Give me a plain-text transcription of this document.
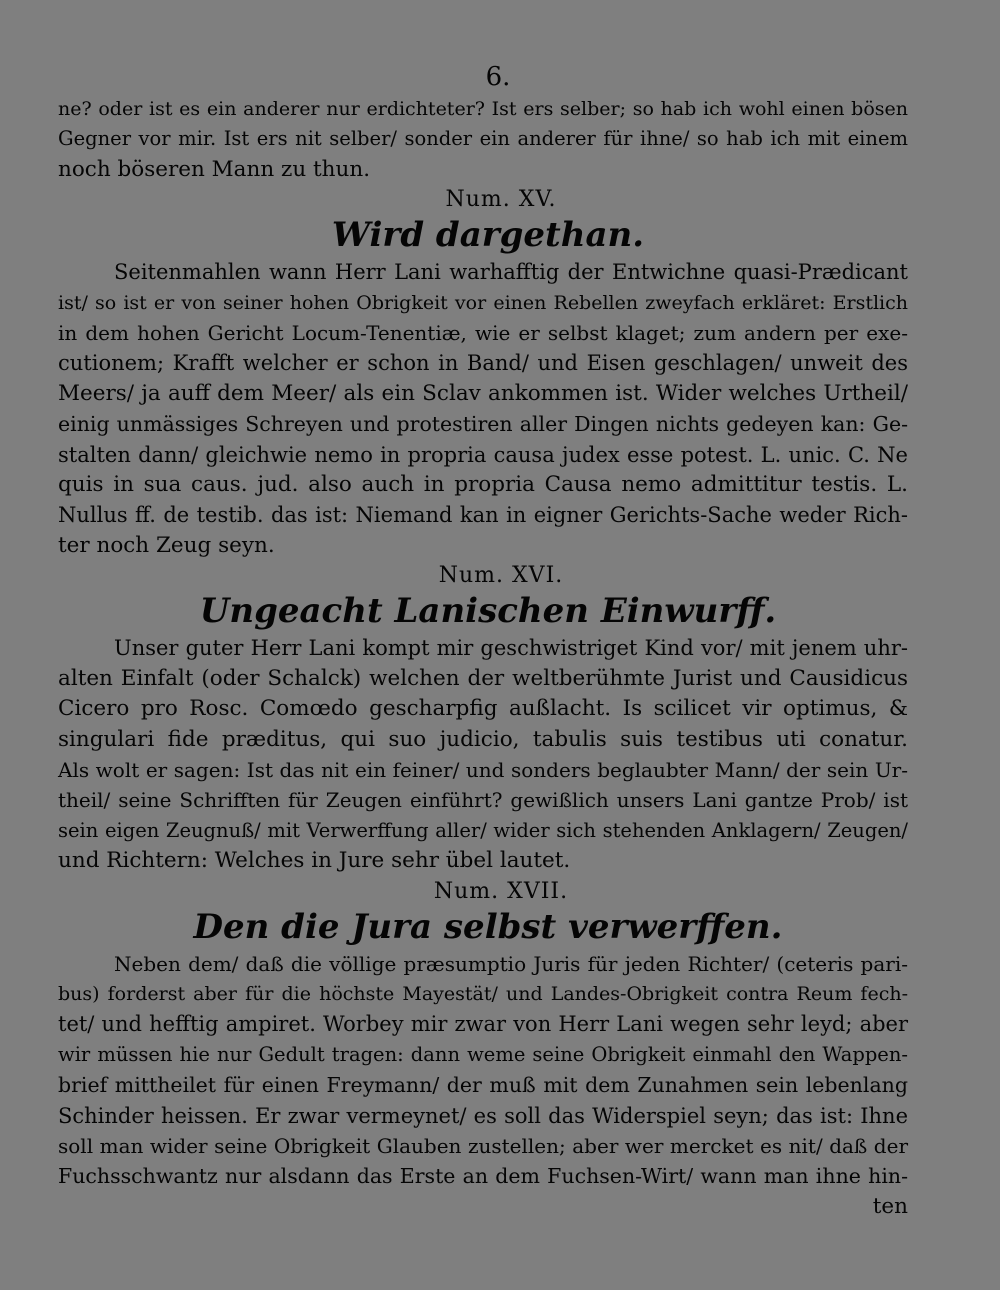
6.
ne? oder ist es ein anderer nur erdichteter? Ist ers selber; so hab ich wohl einen bösen
Gegner vor mir. Ist ers nit selber/ sonder ein anderer für ihne/ so hab ich mit einem
noch böseren Mann zu thun.
Num. XV.
Wird dargethan.
Seitenmahlen wann Herr Lani warhafftig der Entwichne quasi-Prædicant
ist/ so ist er von seiner hohen Obrigkeit vor einen Rebellen zweyfach erkläret: Erstlich
in dem hohen Gericht Locum-Tenentiæ, wie er selbst klaget; zum andern per exe-
cutionem; Krafft welcher er schon in Band/ und Eisen geschlagen/ unweit des
Meers/ ja auff dem Meer/ als ein Sclav ankommen ist. Wider welches Urtheil/
einig unmässiges Schreyen und protestiren aller Dingen nichts gedeyen kan: Ge-
stalten dann/ gleichwie nemo in propria causa judex esse potest. L. unic. C. Ne
quis in sua caus. jud. also auch in propria Causa nemo admittitur testis. L.
Nullus ff. de testib. das ist: Niemand kan in eigner Gerichts-Sache weder Rich-
ter noch Zeug seyn.
Num. XVI.
Ungeacht Lanischen Einwurff.
Unser guter Herr Lani kompt mir geschwistriget Kind vor/ mit jenem uhr-
alten Einfalt (oder Schalck) welchen der weltberühmte Jurist und Causidicus
Cicero pro Rosc. Comœdo gescharpfig außlacht. Is scilicet vir optimus, &
singulari fide præditus, qui suo judicio, tabulis suis testibus uti conatur.
Als wolt er sagen: Ist das nit ein feiner/ und sonders beglaubter Mann/ der sein Ur-
theil/ seine Schrifften für Zeugen einführt? gewißlich unsers Lani gantze Prob/ ist
sein eigen Zeugnuß/ mit Verwerffung aller/ wider sich stehenden Anklagern/ Zeugen/
und Richtern: Welches in Jure sehr übel lautet.
Num. XVII.
Den die Jura selbst verwerffen.
Neben dem/ daß die völlige præsumptio Juris für jeden Richter/ (ceteris pari-
bus) forderst aber für die höchste Mayestät/ und Landes-Obrigkeit contra Reum fech-
tet/ und hefftig ampiret. Worbey mir zwar von Herr Lani wegen sehr leyd; aber
wir müssen hie nur Gedult tragen: dann weme seine Obrigkeit einmahl den Wappen-
brief mittheilet für einen Freymann/ der muß mit dem Zunahmen sein lebenlang
Schinder heissen. Er zwar vermeynet/ es soll das Widerspiel seyn; das ist: Ihne
soll man wider seine Obrigkeit Glauben zustellen; aber wer mercket es nit/ daß der
Fuchsschwantz nur alsdann das Erste an dem Fuchsen-Wirt/ wann man ihne hin-
ten
